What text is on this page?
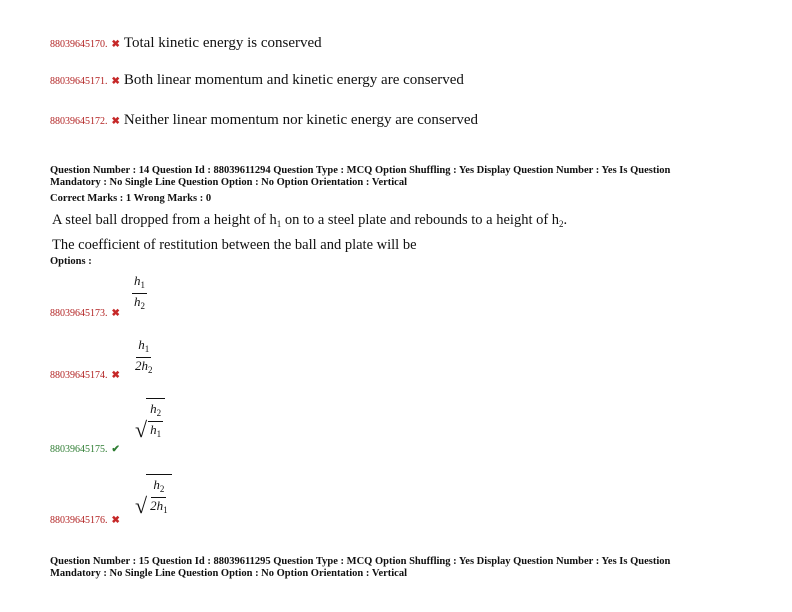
88039645170. ✖ Total kinetic energy is conserved
88039645171. ✖ Both linear momentum and kinetic energy are conserved
88039645172. ✖ Neither linear momentum nor kinetic energy are conserved
Question Number : 14 Question Id : 88039611294 Question Type : MCQ Option Shuffling : Yes Display Question Number : Yes Is Question
Mandatory : No Single Line Question Option : No Option Orientation : Vertical
Correct Marks : 1 Wrong Marks : 0
A steel ball dropped from a height of $h_1$ on to a steel plate and rebounds to a height of $h_2$.
The coefficient of restitution between the ball and plate will be
Options :
88039645173. ✖
$\frac{h_1}{h_2}$
88039645174. ✖ $\frac{h_1}{2h_2}$
88039645175. ✔
√ $\frac{h_2}{h_1}$
88039645176. ✖
√ $\frac{h_2}{2h_1}$
Question Number : 15 Question Id : 88039611295 Question Type : MCQ Option Shuffling : Yes Display Question Number : Yes Is Question
Mandatory : No Single Line Question Option : No Option Orientation : Vertical
